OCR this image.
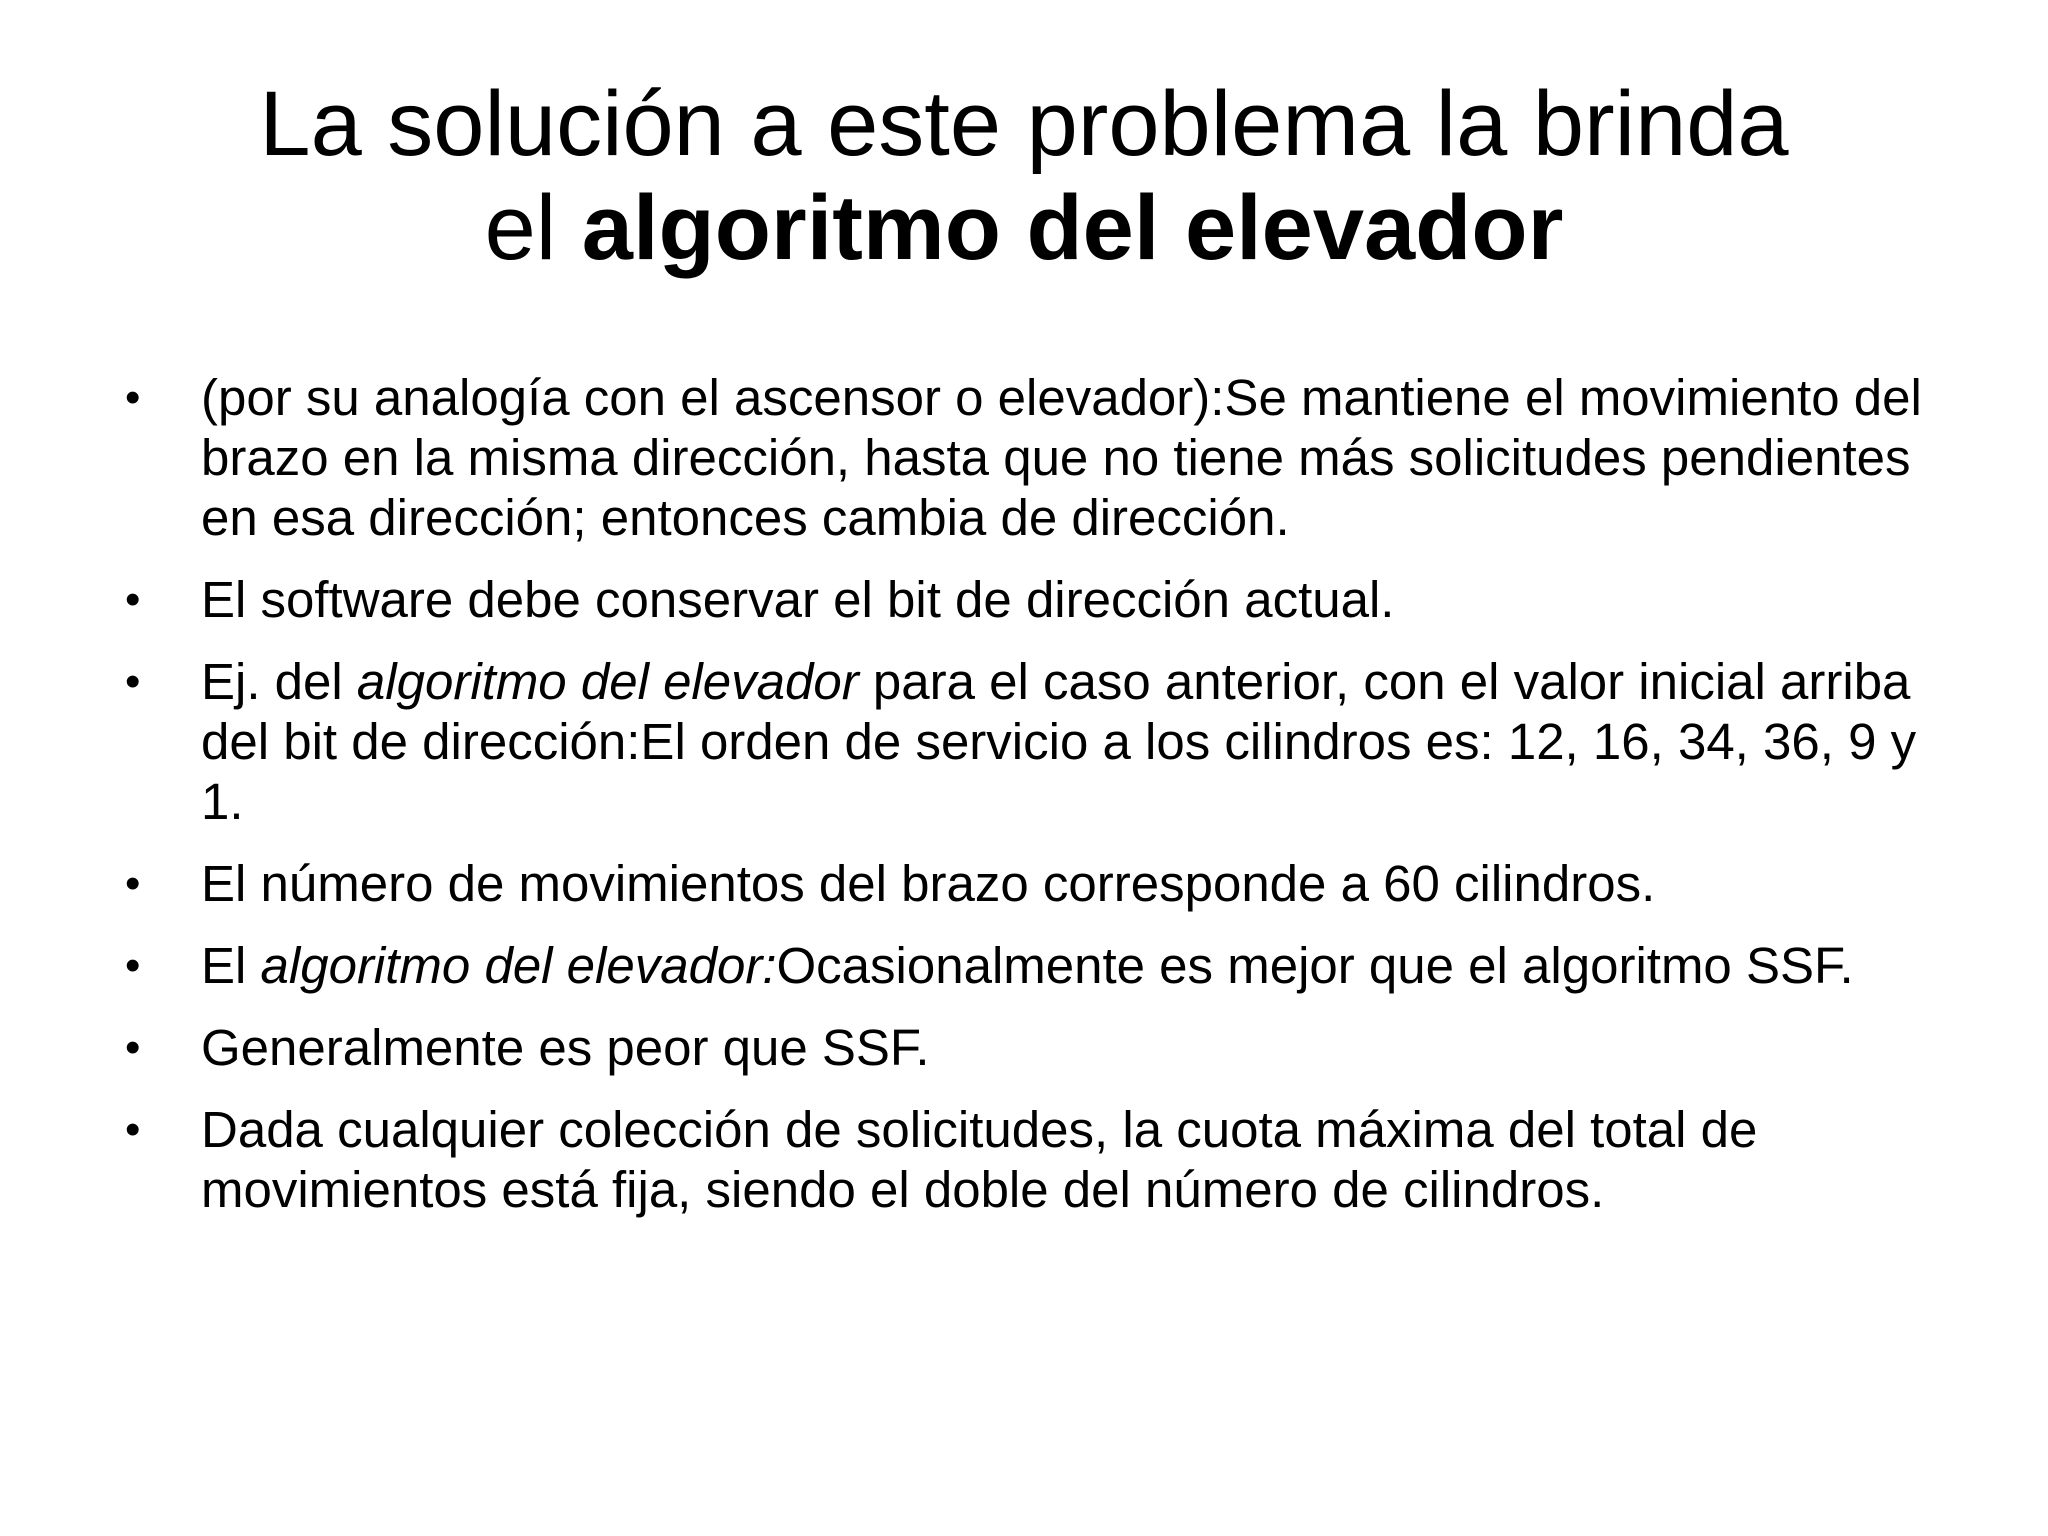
La solución a este problema la brinda
el algoritmo del elevador
• (por su analogía con el ascensor o elevador):Se mantiene el movimiento del brazo en la misma dirección, hasta que no tiene más solicitudes pendientes en esa dirección; entonces cambia de dirección.
• El software debe conservar el bit de dirección actual.
• Ej. del algoritmo del elevador para el caso anterior, con el valor inicial arriba del bit de dirección:El orden de servicio a los cilindros es: 12, 16, 34, 36, 9 y 1.
• El número de movimientos del brazo corresponde a 60 cilindros.
• El algoritmo del elevador:Ocasionalmente es mejor que el algoritmo SSF.
• Generalmente es peor que SSF.
• Dada cualquier colección de solicitudes, la cuota máxima del total de movimientos está fija, siendo el doble del número de cilindros.
